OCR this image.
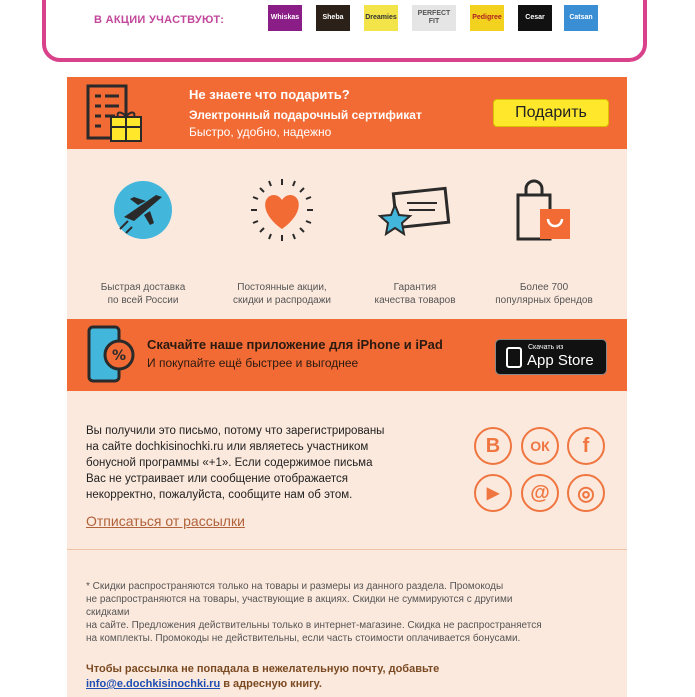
В АКЦИИ УЧАСТВУЮТ:	Whiskas	Sheba	Dreamies
PERFECT FIT
Pedigree	Cesar	Catsan
Не знаете что подарить?
Электронный подарочный сертификат
Быстро, удобно, надежно
Подарить
Быстрая доставка
по всей России
Постоянные акции,
скидки и распродажи
Гарантия
качества товаров
Более 700
популярных брендов
%
Скачайте наше приложение для iPhone и iPad
И покупайте ещё быстрее и выгоднее
Скачать из
App Store
Вы получили это письмо, потому что зарегистрированы
на сайте dochkisinochki.ru или являетесь участником
бонусной программы «+1». Если содержимое письма
Вас не устраивает или сообщение отображается
некорректно, пожалуйста, сообщите нам об этом.
Отписаться от рассылки
В ОК f
▶ @ ◎
* Скидки распространяются только на товары и размеры из данного раздела. Промокоды
не распространяются на товары, участвующие в акциях. Скидки не суммируются с другими
скидками
на сайте. Предложения действительны только в интернет-магазине. Скидка не распространяется
на комплекты. Промокоды не действительны, если часть стоимости оплачивается бонусами.
Чтобы рассылка не попадала в нежелательную почту, добавьте
info@e.dochkisinochki.ru в адресную книгу.
